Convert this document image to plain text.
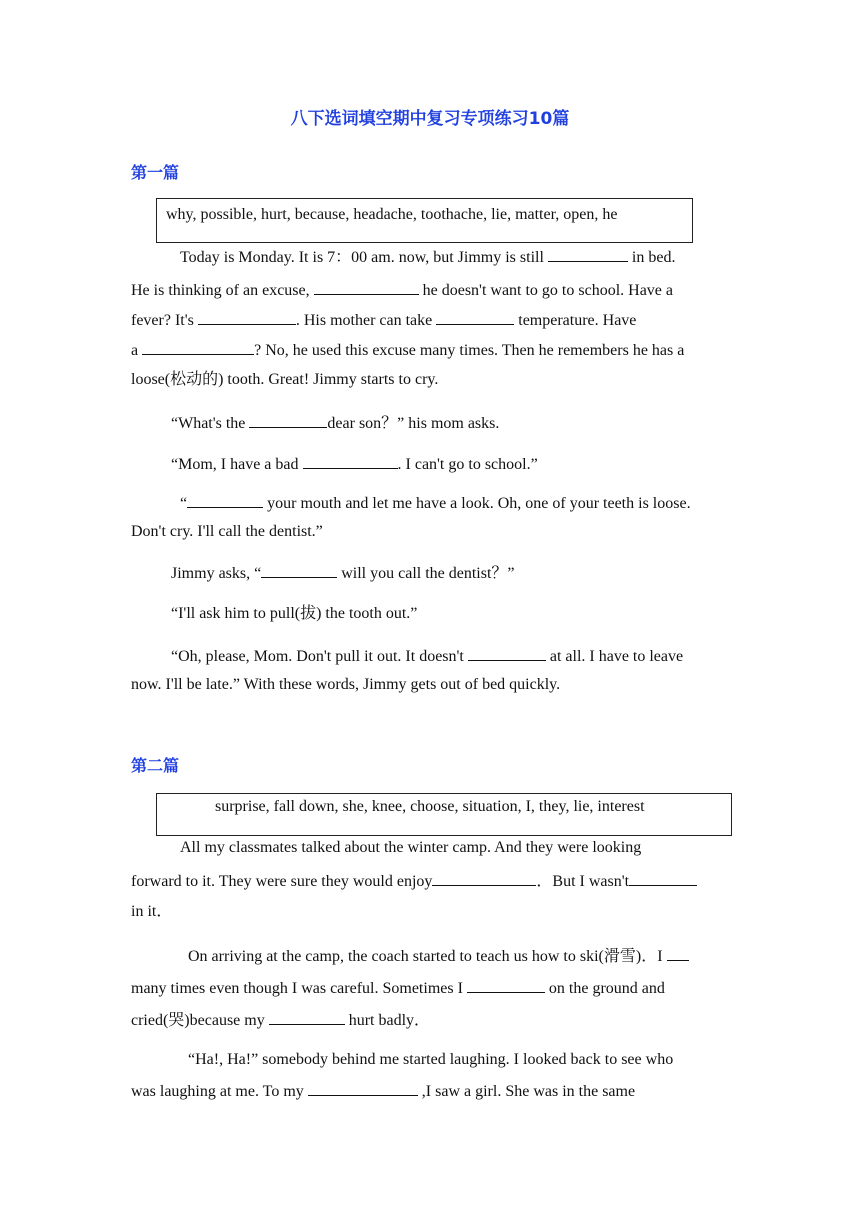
八下选词填空期中复习专项练习10篇
第一篇
why, possible, hurt, because, headache, toothache, lie, matter, open, he
Today is Monday. It is 7：00 am. now, but Jimmy is still	in bed.
He is thinking of an excuse,	he doesn't want to go to school. Have a
fever? It's	. His mother can take	temperature. Have
a	? No, he used this excuse many times. Then he remembers he has a
loose(松动的) tooth. Great! Jimmy starts to cry.
“What's the	dear son？” his mom asks.
“Mom, I have a bad	. I can't go to school.”
“	your mouth and let me have a look. Oh, one of your teeth is loose.
Don't cry. I'll call the dentist.”
Jimmy asks, “	will you call the dentist？”
“I'll ask him to pull(拔) the tooth out.”
“Oh, please, Mom. Don't pull it out. It doesn't	at all. I have to leave
now. I'll be late.” With these words, Jimmy gets out of bed quickly.
第二篇
surprise, fall down, she, knee, choose, situation, I, they, lie, interest
All my classmates talked about the winter camp. And they were looking
forward to it. They were sure they would enjoy	．But I wasn't
in it．
On arriving at the camp, the coach started to teach us how to ski(滑雪)．I
many times even though I was careful. Sometimes I	on the ground and
cried(哭)because my	hurt badly．
“Ha!, Ha!” somebody behind me started laughing. I looked back to see who
was laughing at me. To my	,I saw a girl. She was in the same
